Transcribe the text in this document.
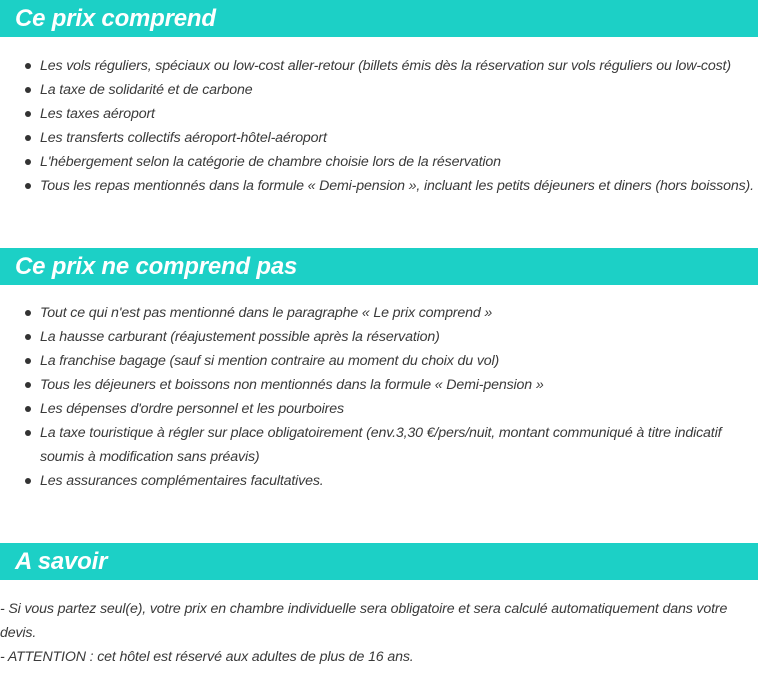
Ce prix comprend
Les vols réguliers, spéciaux ou low-cost aller-retour (billets émis dès la réservation sur vols réguliers ou low-cost)
La taxe de solidarité et de carbone
Les taxes aéroport
Les transferts collectifs aéroport-hôtel-aéroport
L'hébergement selon la catégorie de chambre choisie lors de la réservation
Tous les repas mentionnés dans la formule « Demi-pension », incluant les petits déjeuners et diners (hors boissons).
Ce prix ne comprend pas
Tout ce qui n'est pas mentionné dans le paragraphe « Le prix comprend »
La hausse carburant (réajustement possible après la réservation)
La franchise bagage (sauf si mention contraire au moment du choix du vol)
Tous les déjeuners et boissons non mentionnés dans la formule « Demi-pension »
Les dépenses d'ordre personnel et les pourboires
La taxe touristique à régler sur place obligatoirement (env.3,30 €/pers/nuit, montant communiqué à titre indicatif soumis à modification sans préavis)
Les assurances complémentaires facultatives.
A savoir
- Si vous partez seul(e), votre prix en chambre individuelle sera obligatoire et sera calculé automatiquement dans votre devis.
- ATTENTION : cet hôtel est réservé aux adultes de plus de 16 ans.
